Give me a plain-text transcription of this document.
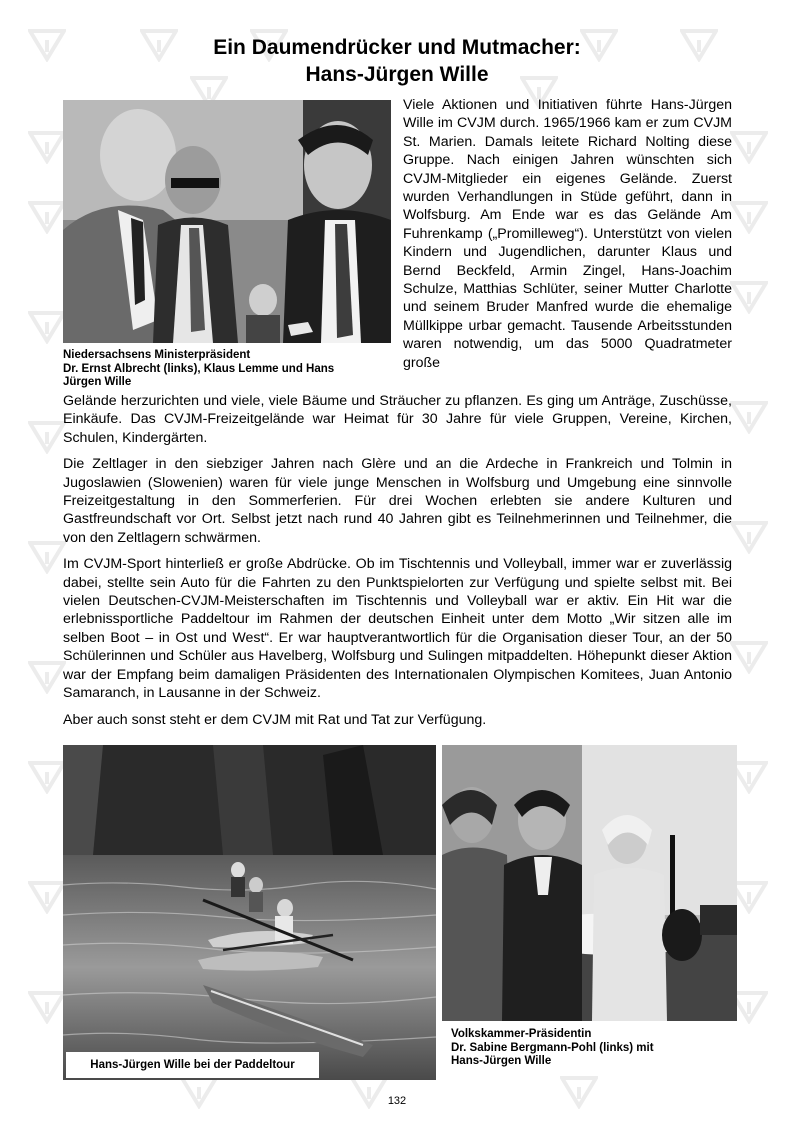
Ein Daumendrücker und Mutmacher:
Hans-Jürgen Wille
Niedersachsens Ministerpräsident
Dr. Ernst Albrecht (links), Klaus Lemme und Hans
Jürgen Wille
Viele Aktionen und Initiativen führte Hans-Jürgen Wille im CVJM durch. 1965/1966 kam er zum CVJM St. Marien. Damals leitete Richard Nolting diese Gruppe. Nach einigen Jahren wünschten sich CVJM-Mitglieder ein eigenes Gelände. Zuerst wurden Verhandlungen in Stüde geführt, dann in Wolfsburg. Am Ende war es das Gelände Am Fuhrenkamp („Promilleweg“). Unterstützt von vielen Kindern und Jugendlichen, darunter Klaus und Bernd Beckfeld, Armin Zingel, Hans-Joachim Schulze, Matthias Schlüter, seiner Mutter Charlotte und seinem Bruder Manfred wurde die ehemalige Müllkippe urbar gemacht. Tausende Arbeitsstunden waren notwendig, um das 5000 Quadratmeter große

Gelände herzurichten und viele, viele Bäume und Sträucher zu pflanzen. Es ging um Anträge, Zuschüsse, Einkäufe. Das CVJM-Freizeitgelände war Heimat für 30 Jahre für viele Gruppen, Vereine, Kirchen, Schulen, Kindergärten.

Die Zeltlager in den siebziger Jahren nach Glère und an die Ardeche in Frankreich und Tolmin in Jugoslawien (Slowenien) waren für viele junge Menschen in Wolfsburg und Umgebung eine sinnvolle Freizeitgestaltung in den Sommerferien. Für drei Wochen erlebten sie andere Kulturen und Gastfreundschaft vor Ort. Selbst jetzt nach rund 40 Jahren gibt es Teilnehmerinnen und Teilnehmer, die von den Zeltlagern schwärmen.

Im CVJM-Sport hinterließ er große Abdrücke. Ob im Tischtennis und Volleyball, immer war er zuverlässig dabei, stellte sein Auto für die Fahrten zu den Punktspielorten zur Verfügung und spielte selbst mit. Bei vielen Deutschen-CVJM-Meisterschaften im Tischtennis und Volleyball war er aktiv. Ein Hit war die erlebnissportliche Paddeltour im Rahmen der deutschen Einheit unter dem Motto „Wir sitzen alle im selben Boot – in Ost und West“. Er war hauptverantwortlich für die Organisation dieser Tour, an der 50 Schülerinnen und Schüler aus Havelberg, Wolfsburg und Sulingen mitpaddelten. Höhepunkt dieser Aktion war der Empfang beim damaligen Präsidenten des Internationalen Olympischen Komitees, Juan Antonio Samaranch, in Lausanne in der Schweiz.

Aber auch sonst steht er dem CVJM mit Rat und Tat zur Verfügung.

Hans-Jürgen Wille bei der Paddeltour
Volkskammer-Präsidentin
Dr. Sabine Bergmann-Pohl (links) mit
Hans-Jürgen Wille
132
